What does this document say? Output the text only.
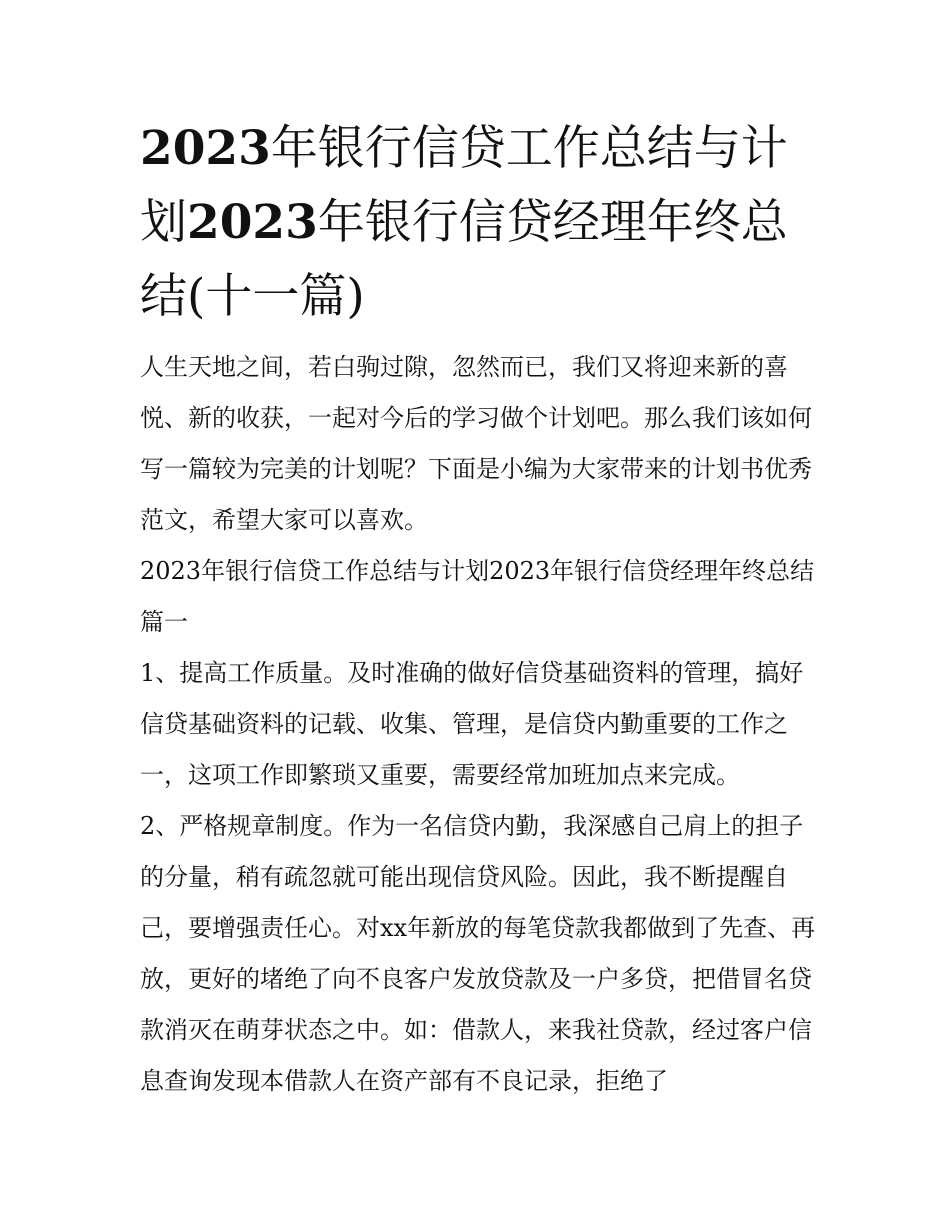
2023年银行信贷工作总结与计划2023年银行信贷经理年终总结(十一篇)

人生天地之间，若白驹过隙，忽然而已，我们又将迎来新的喜悦、新的收获，一起对今后的学习做个计划吧。那么我们该如何写一篇较为完美的计划呢？下面是小编为大家带来的计划书优秀范文，希望大家可以喜欢。

2023年银行信贷工作总结与计划2023年银行信贷经理年终总结篇一

1、提高工作质量。及时准确的做好信贷基础资料的管理，搞好信贷基础资料的记载、收集、管理，是信贷内勤重要的工作之一，这项工作即繁琐又重要，需要经常加班加点来完成。

2、严格规章制度。作为一名信贷内勤，我深感自己肩上的担子的分量，稍有疏忽就可能出现信贷风险。因此，我不断提醒自己，要增强责任心。对xx年新放的每笔贷款我都做到了先查、再放，更好的堵绝了向不良客户发放贷款及一户多贷，把借冒名贷款消灭在萌芽状态之中。如：借款人，来我社贷款，经过客户信息查询发现本借款人在资产部有不良记录，拒绝了
